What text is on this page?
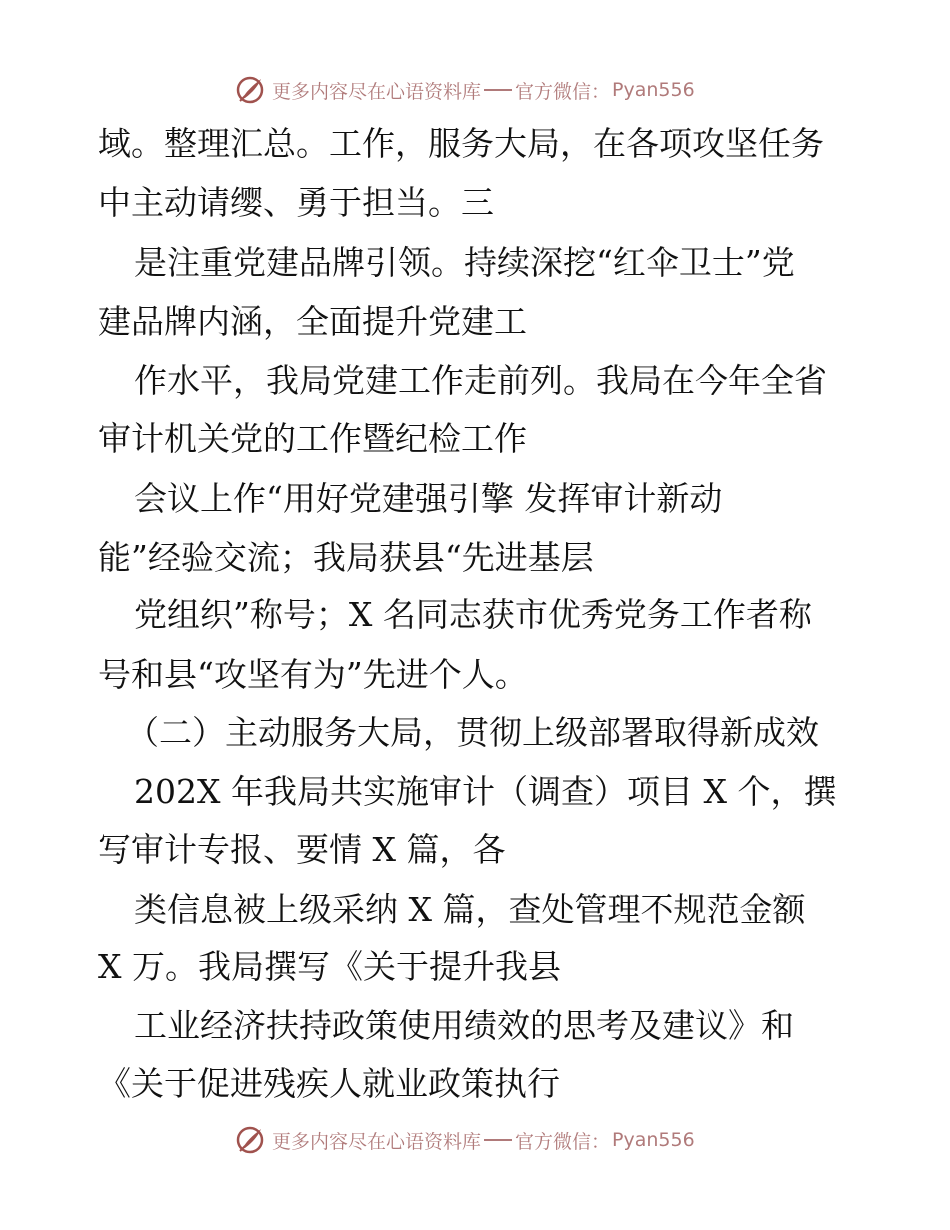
更多内容尽在心语资料库 官方微信： Pyan556
域。整理汇总。工作，服务大局，在各项攻坚任务
中主动请缨、勇于担当。三
是注重党建品牌引领。持续深挖“红伞卫士”党
建品牌内涵，全面提升党建工
作水平，我局党建工作走前列。我局在今年全省
审计机关党的工作暨纪检工作
会议上作“用好党建强引擎 发挥审计新动
能”经验交流；我局获县“先进基层
党组织”称号；X 名同志获市优秀党务工作者称
号和县“攻坚有为”先进个人。
（二）主动服务大局，贯彻上级部署取得新成效
202X 年我局共实施审计（调查）项目 X 个，撰
写审计专报、要情 X 篇，各
类信息被上级采纳 X 篇，查处管理不规范金额
X 万。我局撰写《关于提升我县
工业经济扶持政策使用绩效的思考及建议》和
《关于促进残疾人就业政策执行
更多内容尽在心语资料库 官方微信： Pyan556
